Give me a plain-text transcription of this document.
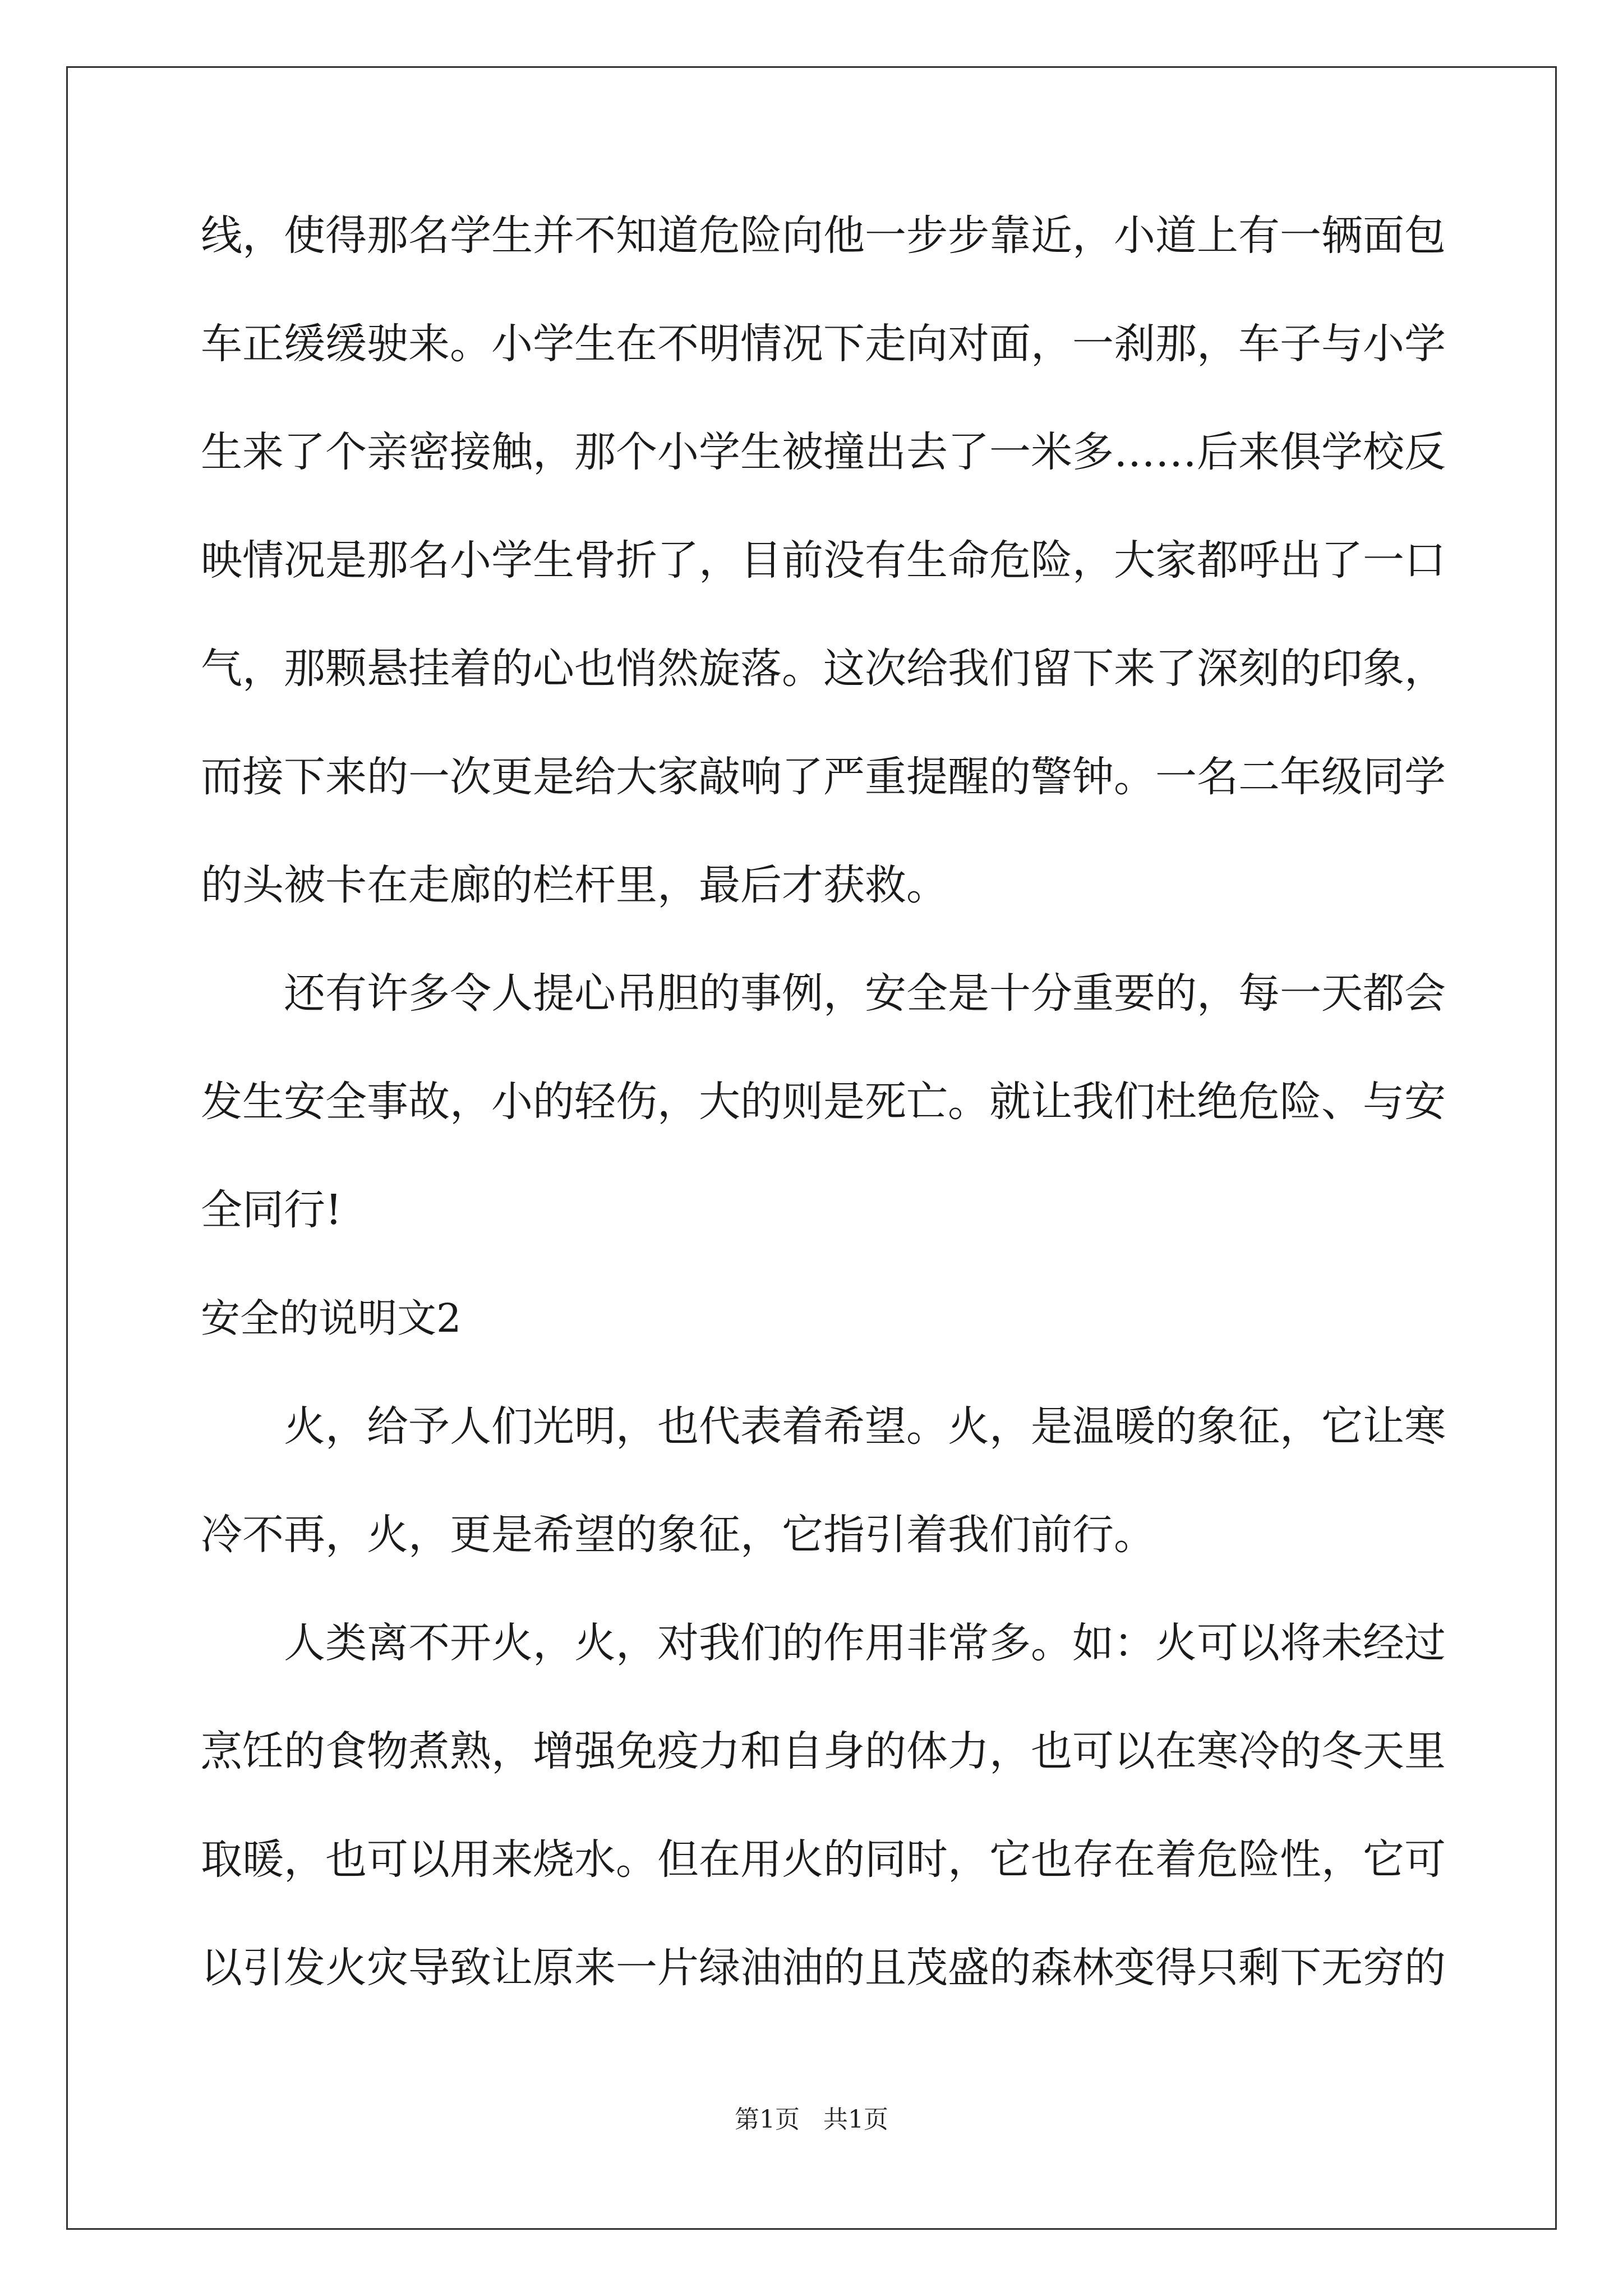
线，使得那名学生并不知道危险向他一步步靠近，小道上有一辆面包
车正缓缓驶来。小学生在不明情况下走向对面，一刹那，车子与小学
生来了个亲密接触，那个小学生被撞出去了一米多……后来俱学校反
映情况是那名小学生骨折了，目前没有生命危险，大家都呼出了一口
气，那颗悬挂着的心也悄然旋落。这次给我们留下来了深刻的印象，
而接下来的一次更是给大家敲响了严重提醒的警钟。一名二年级同学
的头被卡在走廊的栏杆里，最后才获救。
还有许多令人提心吊胆的事例，安全是十分重要的，每一天都会
发生安全事故，小的轻伤，大的则是死亡。就让我们杜绝危险、与安
全同行!
安全的说明文2
火，给予人们光明，也代表着希望。火，是温暖的象征，它让寒
冷不再，火，更是希望的象征，它指引着我们前行。
人类离不开火，火，对我们的作用非常多。如：火可以将未经过
烹饪的食物煮熟，增强免疫力和自身的体力，也可以在寒冷的冬天里
取暖，也可以用来烧水。但在用火的同时，它也存在着危险性，它可
以引发火灾导致让原来一片绿油油的且茂盛的森林变得只剩下无穷的
第1页   共1页
